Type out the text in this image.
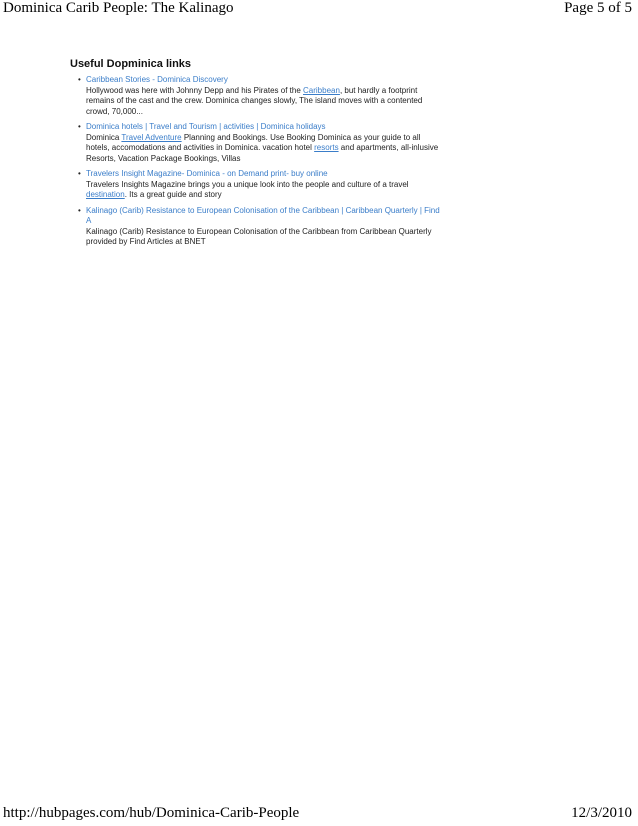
Dominica Carib People: The Kalinago	Page 5 of 5
Useful Dopminica links
• Caribbean Stories - Dominica Discovery
Hollywood was here with Johnny Depp and his Pirates of the Caribbean, but hardly a footprint remains of the cast and the crew. Dominica changes slowly, The island moves with a contented crowd, 70,000...
• Dominica hotels | Travel and Tourism | activities | Dominica holidays
Dominica Travel Adventure Planning and Bookings. Use Booking Dominica as your guide to all hotels, accomodations and activities in Dominica. vacation hotel resorts and apartments, all-inlusive Resorts, Vacation Package Bookings, Villas
• Travelers Insight Magazine- Dominica - on Demand print- buy online
Travelers Insights Magazine brings you a unique look into the people and culture of a travel destination. Its a great guide and story
• Kalinago (Carib) Resistance to European Colonisation of the Caribbean | Caribbean Quarterly | Find A
Kalinago (Carib) Resistance to European Colonisation of the Caribbean from Caribbean Quarterly provided by Find Articles at BNET
http://hubpages.com/hub/Dominica-Carib-People	12/3/2010
